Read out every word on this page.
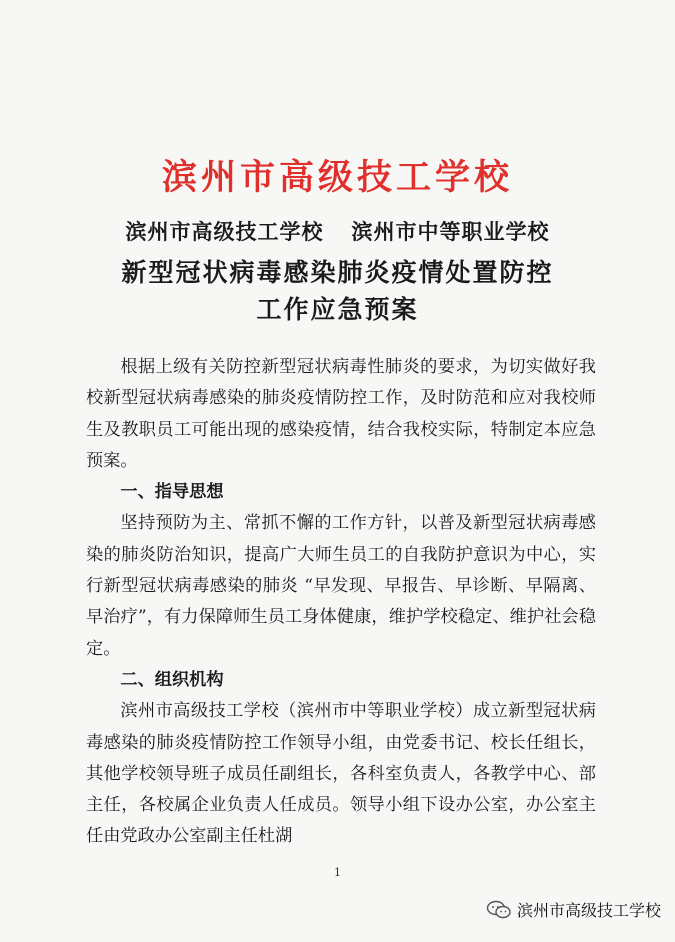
滨州市高级技工学校
滨州市高级技工学校 滨州市中等职业学校
新型冠状病毒感染肺炎疫情处置防控
工作应急预案

根据上级有关防控新型冠状病毒性肺炎的要求，为切实做好我校新型冠状病毒感染的肺炎疫情防控工作，及时防范和应对我校师生及教职员工可能出现的感染疫情，结合我校实际，特制定本应急预案。

一、指导思想

坚持预防为主、常抓不懈的工作方针，以普及新型冠状病毒感染的肺炎防治知识，提高广大师生员工的自我防护意识为中心，实行新型冠状病毒感染的肺炎 “早发现、早报告、早诊断、早隔离、早治疗”，有力保障师生员工身体健康，维护学校稳定、维护社会稳定。

二、组织机构

滨州市高级技工学校（滨州市中等职业学校）成立新型冠状病毒感染的肺炎疫情防控工作领导小组，由党委书记、校长任组长，其他学校领导班子成员任副组长，各科室负责人，各教学中心、部主任，各校属企业负责人任成员。领导小组下设办公室，办公室主任由党政办公室副主任杜湖

1
滨州市高级技工学校
